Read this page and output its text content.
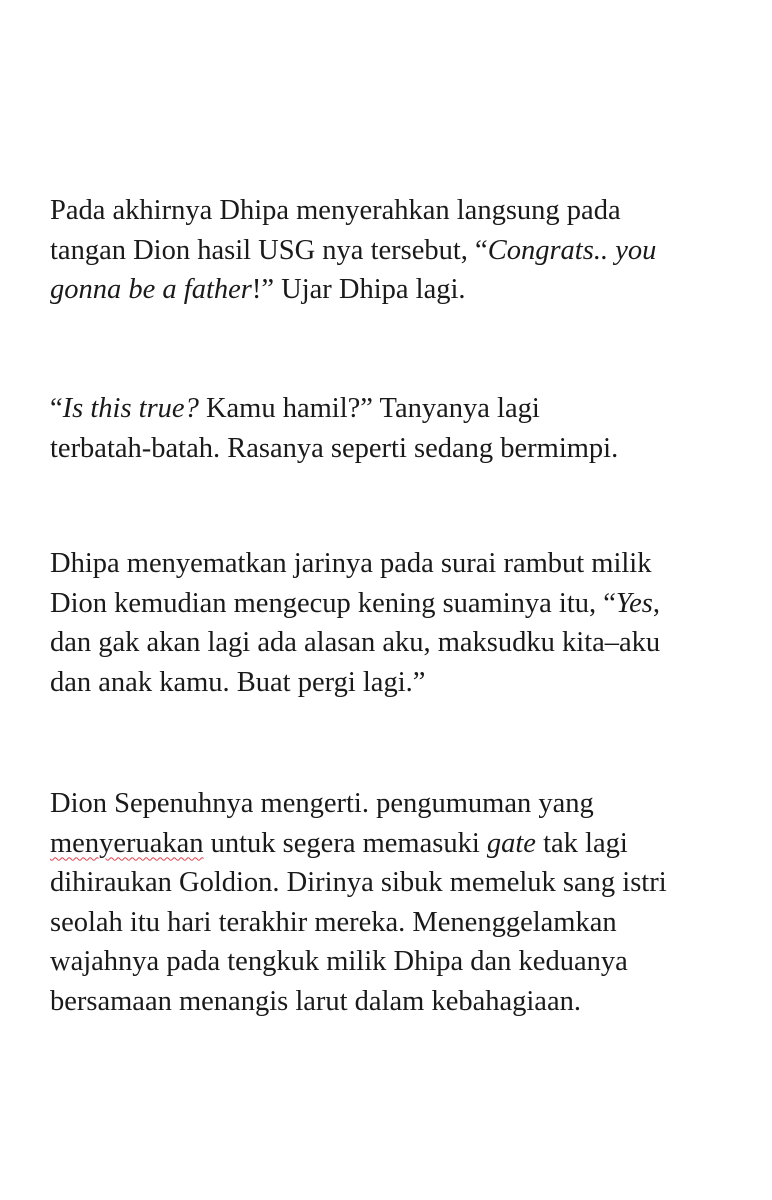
Pada akhirnya Dhipa menyerahkan langsung pada
tangan Dion hasil USG nya tersebut, “Congrats.. you
gonna be a father!” Ujar Dhipa lagi.

“Is this true? Kamu hamil?” Tanyanya lagi
terbatah-batah. Rasanya seperti sedang bermimpi.

Dhipa menyematkan jarinya pada surai rambut milik
Dion kemudian mengecup kening suaminya itu, “Yes,
dan gak akan lagi ada alasan aku, maksudku kita–aku
dan anak kamu. Buat pergi lagi.”

Dion Sepenuhnya mengerti. pengumuman yang
menyeruakan untuk segera memasuki gate tak lagi
dihiraukan Goldion. Dirinya sibuk memeluk sang istri
seolah itu hari terakhir mereka. Menenggelamkan
wajahnya pada tengkuk milik Dhipa dan keduanya
bersamaan menangis larut dalam kebahagiaan.
